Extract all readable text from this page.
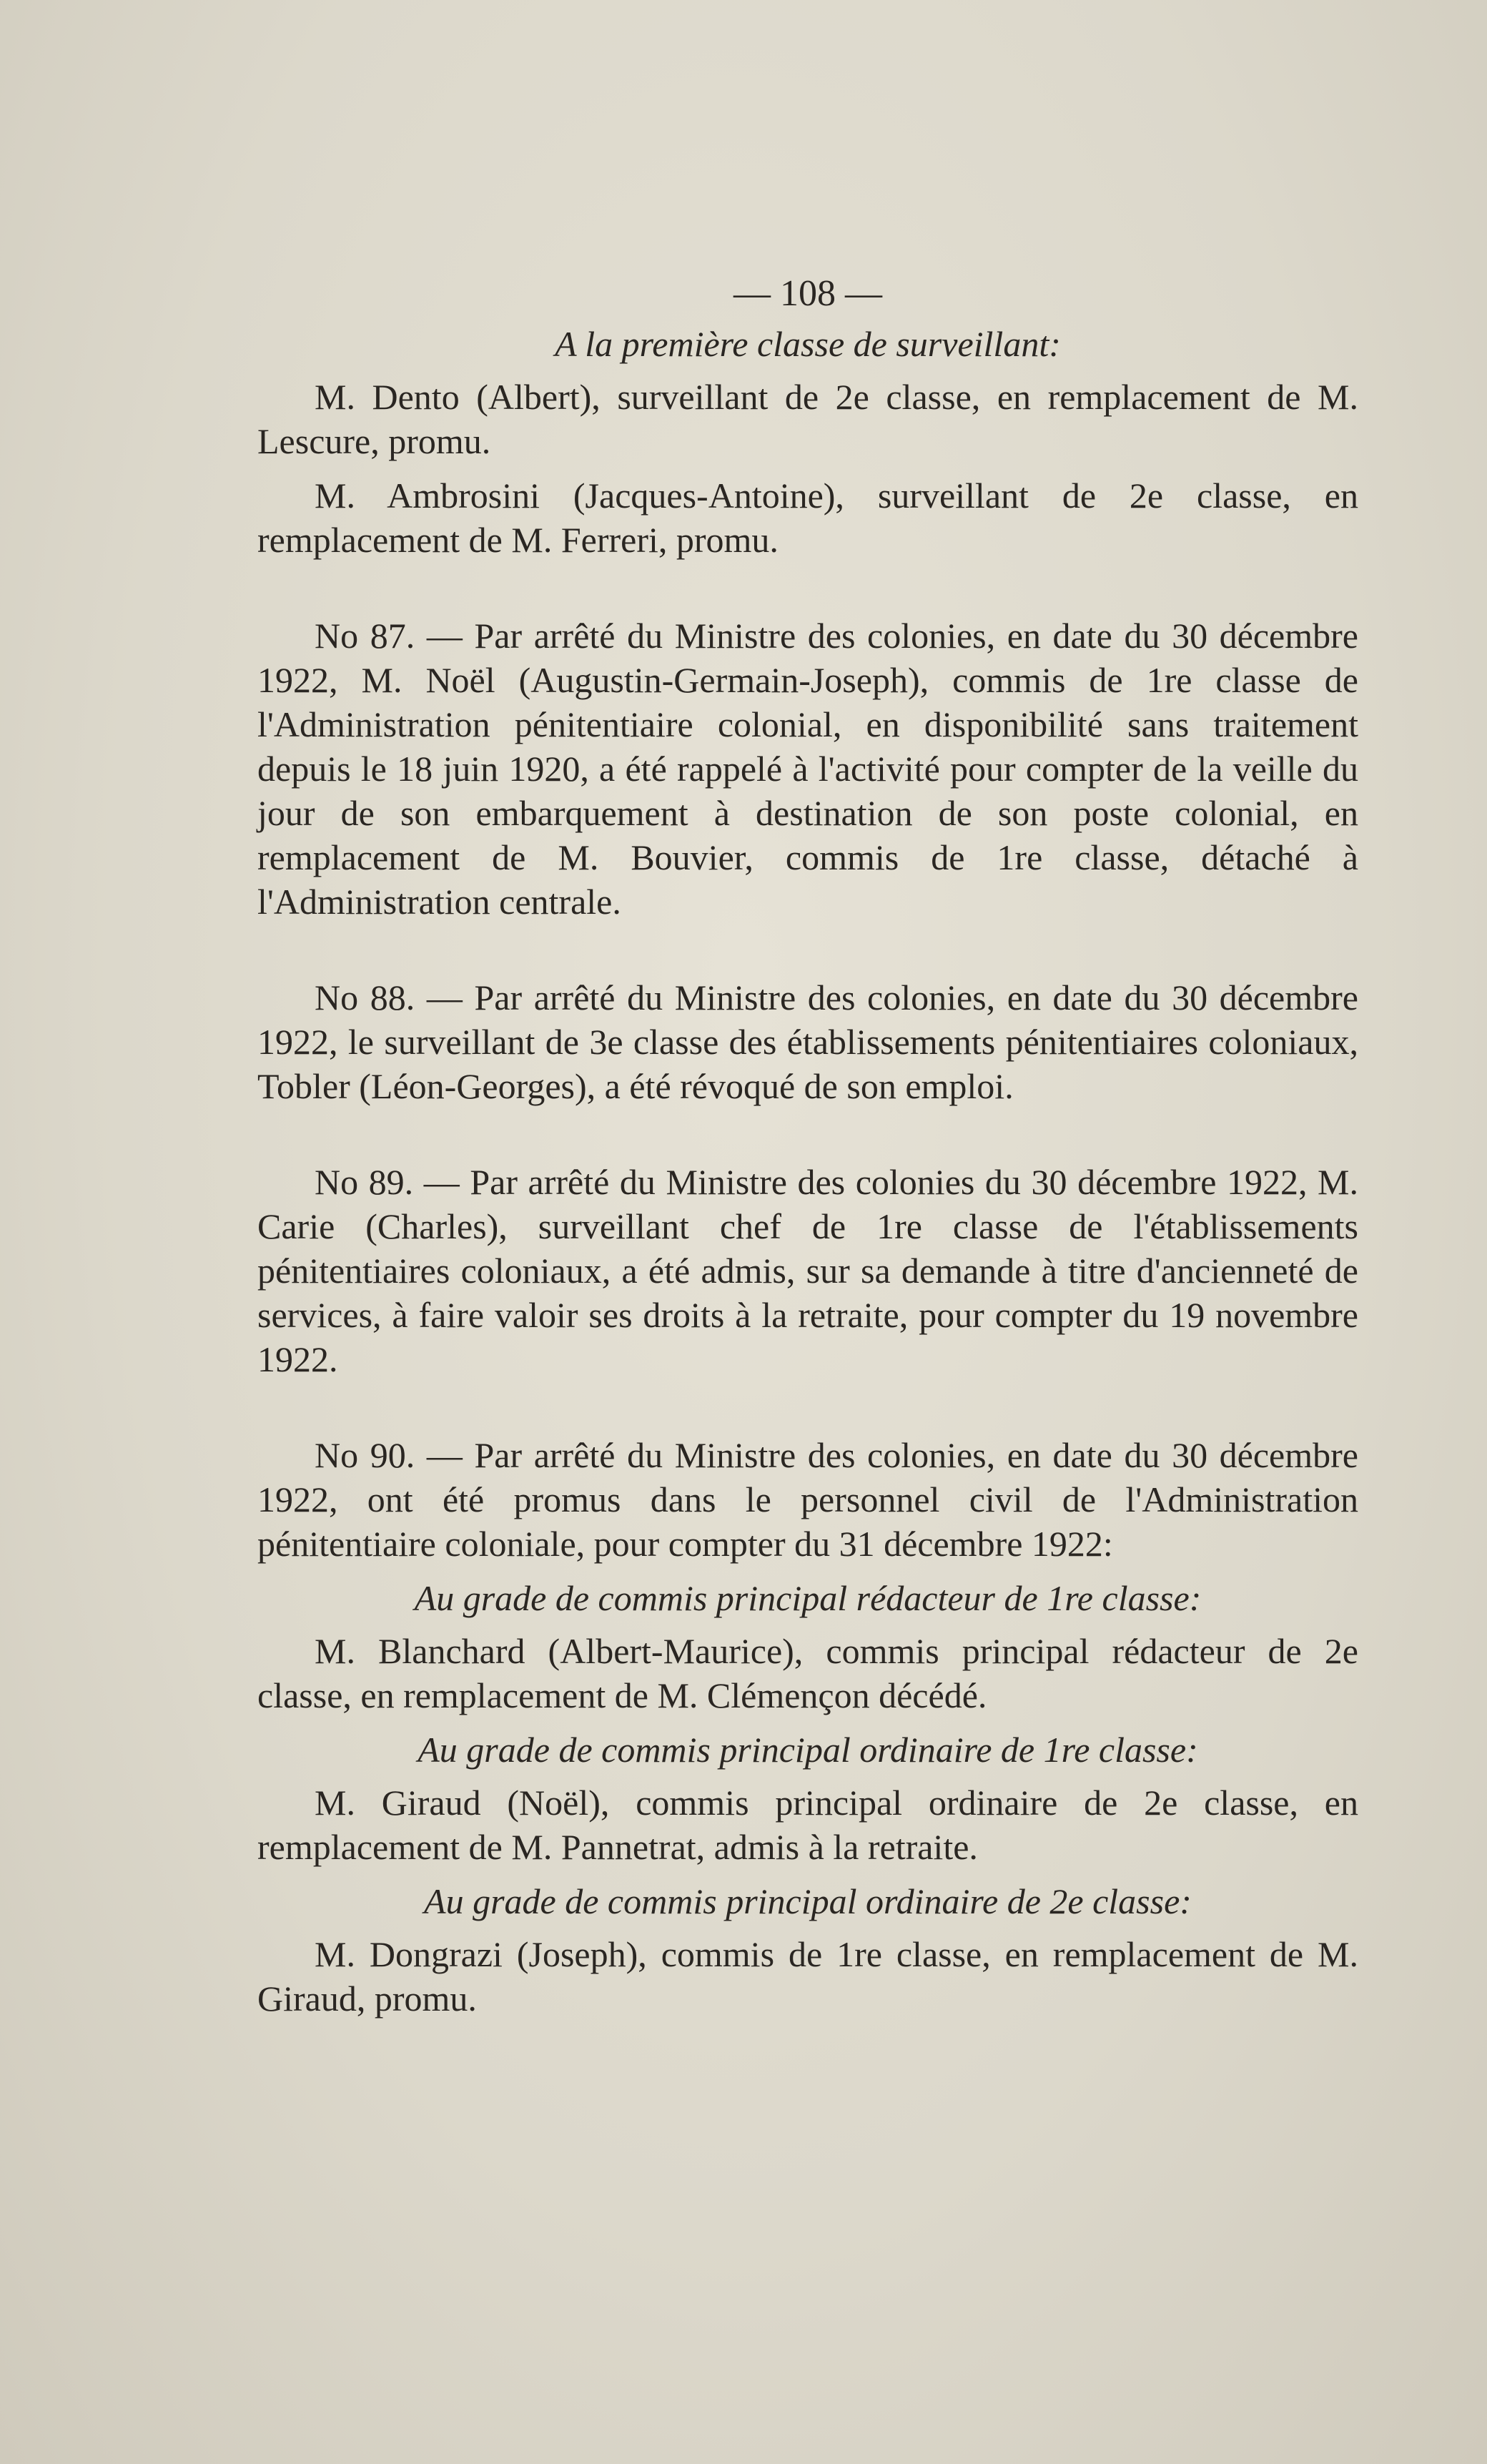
— 108 —
A la première classe de surveillant:
M. Dento (Albert), surveillant de 2e classe, en remplacement de M. Lescure, promu.
M. Ambrosini (Jacques-Antoine), surveillant de 2e classe, en remplacement de M. Ferreri, promu.
No 87. — Par arrêté du Ministre des colonies, en date du 30 décembre 1922, M. Noël (Augustin-Germain-Joseph), commis de 1re classe de l'Administration pénitentiaire colonial, en disponibilité sans traitement depuis le 18 juin 1920, a été rappelé à l'activité pour compter de la veille du jour de son embarquement à destination de son poste colonial, en remplacement de M. Bouvier, commis de 1re classe, détaché à l'Administration centrale.
No 88. — Par arrêté du Ministre des colonies, en date du 30 décembre 1922, le surveillant de 3e classe des établissements pénitentiaires coloniaux, Tobler (Léon-Georges), a été révoqué de son emploi.
No 89. — Par arrêté du Ministre des colonies du 30 décembre 1922, M. Carie (Charles), surveillant chef de 1re classe de l'établissements pénitentiaires coloniaux, a été admis, sur sa demande à titre d'ancienneté de services, à faire valoir ses droits à la retraite, pour compter du 19 novembre 1922.
No 90. — Par arrêté du Ministre des colonies, en date du 30 décembre 1922, ont été promus dans le personnel civil de l'Administration pénitentiaire coloniale, pour compter du 31 décembre 1922:
Au grade de commis principal rédacteur de 1re classe:
M. Blanchard (Albert-Maurice), commis principal rédacteur de 2e classe, en remplacement de M. Clémençon décédé.
Au grade de commis principal ordinaire de 1re classe:
M. Giraud (Noël), commis principal ordinaire de 2e classe, en remplacement de M. Pannetrat, admis à la retraite.
Au grade de commis principal ordinaire de 2e classe:
M. Dongrazi (Joseph), commis de 1re classe, en remplacement de M. Giraud, promu.
